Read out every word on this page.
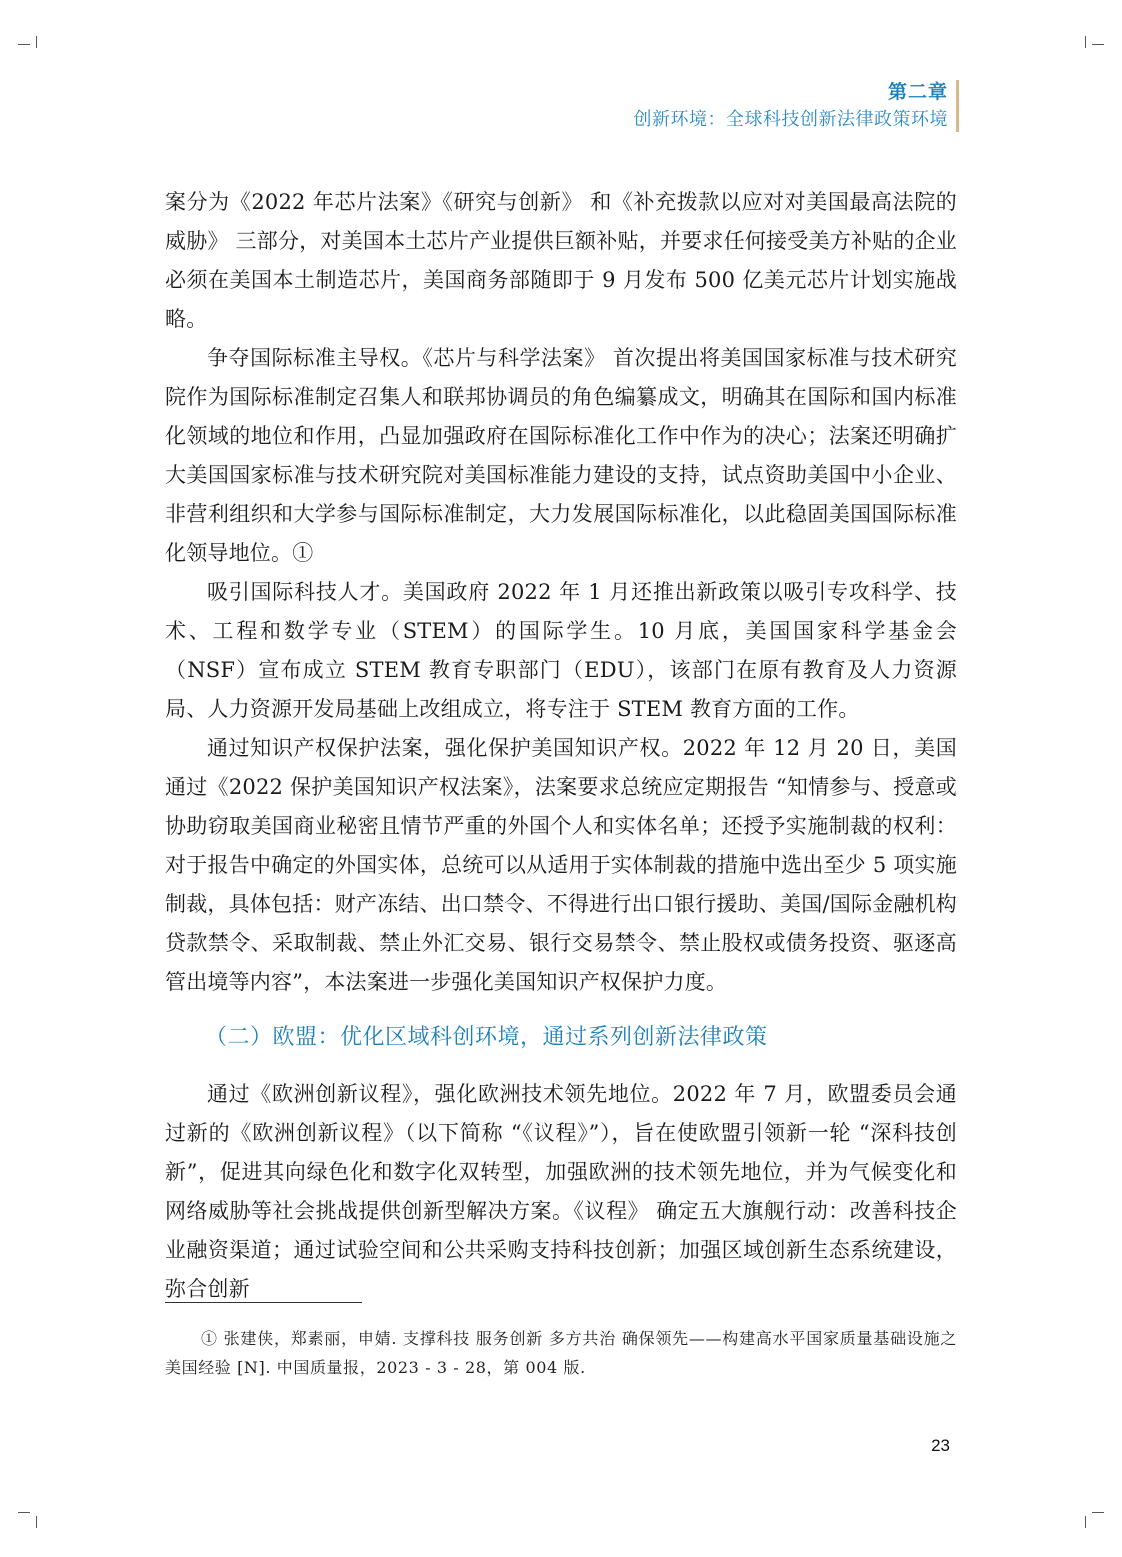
第二章
创新环境：全球科技创新法律政策环境

案分为《2022 年芯片法案》《研究与创新》 和《补充拨款以应对对美国最高法院的威胁》 三部分，对美国本土芯片产业提供巨额补贴，并要求任何接受美方补贴的企业必须在美国本土制造芯片，美国商务部随即于 9 月发布 500 亿美元芯片计划实施战略。

争夺国际标准主导权。《芯片与科学法案》 首次提出将美国国家标准与技术研究院作为国际标准制定召集人和联邦协调员的角色编纂成文，明确其在国际和国内标准化领域的地位和作用，凸显加强政府在国际标准化工作中作为的决心；法案还明确扩大美国国家标准与技术研究院对美国标准能力建设的支持，试点资助美国中小企业、非营利组织和大学参与国际标准制定，大力发展国际标准化，以此稳固美国国际标准化领导地位。①

吸引国际科技人才。美国政府 2022 年 1 月还推出新政策以吸引专攻科学、技术、工程和数学专业（STEM）的国际学生。10 月底，美国国家科学基金会（NSF）宣布成立 STEM 教育专职部门（EDU），该部门在原有教育及人力资源局、人力资源开发局基础上改组成立，将专注于 STEM 教育方面的工作。

通过知识产权保护法案，强化保护美国知识产权。2022 年 12 月 20 日，美国通过《2022 保护美国知识产权法案》，法案要求总统应定期报告 “知情参与、授意或协助窃取美国商业秘密且情节严重的外国个人和实体名单；还授予实施制裁的权利：对于报告中确定的外国实体，总统可以从适用于实体制裁的措施中选出至少 5 项实施制裁，具体包括：财产冻结、出口禁令、不得进行出口银行援助、美国/国际金融机构贷款禁令、采取制裁、禁止外汇交易、银行交易禁令、禁止股权或债务投资、驱逐高管出境等内容”，本法案进一步强化美国知识产权保护力度。

（二）欧盟：优化区域科创环境，通过系列创新法律政策

通过《欧洲创新议程》，强化欧洲技术领先地位。2022 年 7 月，欧盟委员会通过新的《欧洲创新议程》（以下简称 “《议程》”），旨在使欧盟引领新一轮 “深科技创新”，促进其向绿色化和数字化双转型，加强欧洲的技术领先地位，并为气候变化和网络威胁等社会挑战提供创新型解决方案。《议程》 确定五大旗舰行动：改善科技企业融资渠道；通过试验空间和公共采购支持科技创新；加强区域创新生态系统建设，弥合创新

① 张建侠，郑素丽，申婧. 支撑科技 服务创新 多方共治 确保领先——构建高水平国家质量基础设施之美国经验 [N]. 中国质量报，2023 - 3 - 28，第 004 版.

23
